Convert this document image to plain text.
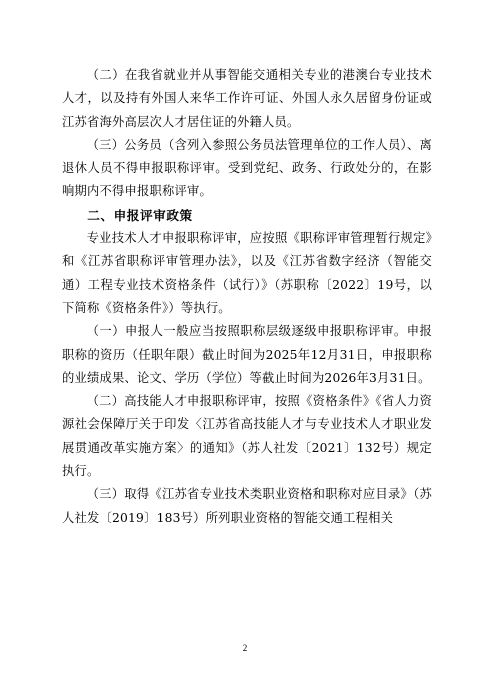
（二）在我省就业并从事智能交通相关专业的港澳台专业技术人才，以及持有外国人来华工作许可证、外国人永久居留身份证或江苏省海外高层次人才居住证的外籍人员。

（三）公务员（含列入参照公务员法管理单位的工作人员）、离退休人员不得申报职称评审。受到党纪、政务、行政处分的，在影响期内不得申报职称评审。

二、申报评审政策

专业技术人才申报职称评审，应按照《职称评审管理暂行规定》和《江苏省职称评审管理办法》，以及《江苏省数字经济（智能交通）工程专业技术资格条件（试行）》（苏职称〔2022〕19号，以下简称《资格条件》）等执行。

（一）申报人一般应当按照职称层级逐级申报职称评审。申报职称的资历（任职年限）截止时间为2025年12月31日，申报职称的业绩成果、论文、学历（学位）等截止时间为2026年3月31日。

（二）高技能人才申报职称评审，按照《资格条件》《省人力资源社会保障厅关于印发〈江苏省高技能人才与专业技术人才职业发展贯通改革实施方案〉的通知》（苏人社发〔2021〕132号）规定执行。

（三）取得《江苏省专业技术类职业资格和职称对应目录》（苏人社发〔2019〕183号）所列职业资格的智能交通工程相关

2
